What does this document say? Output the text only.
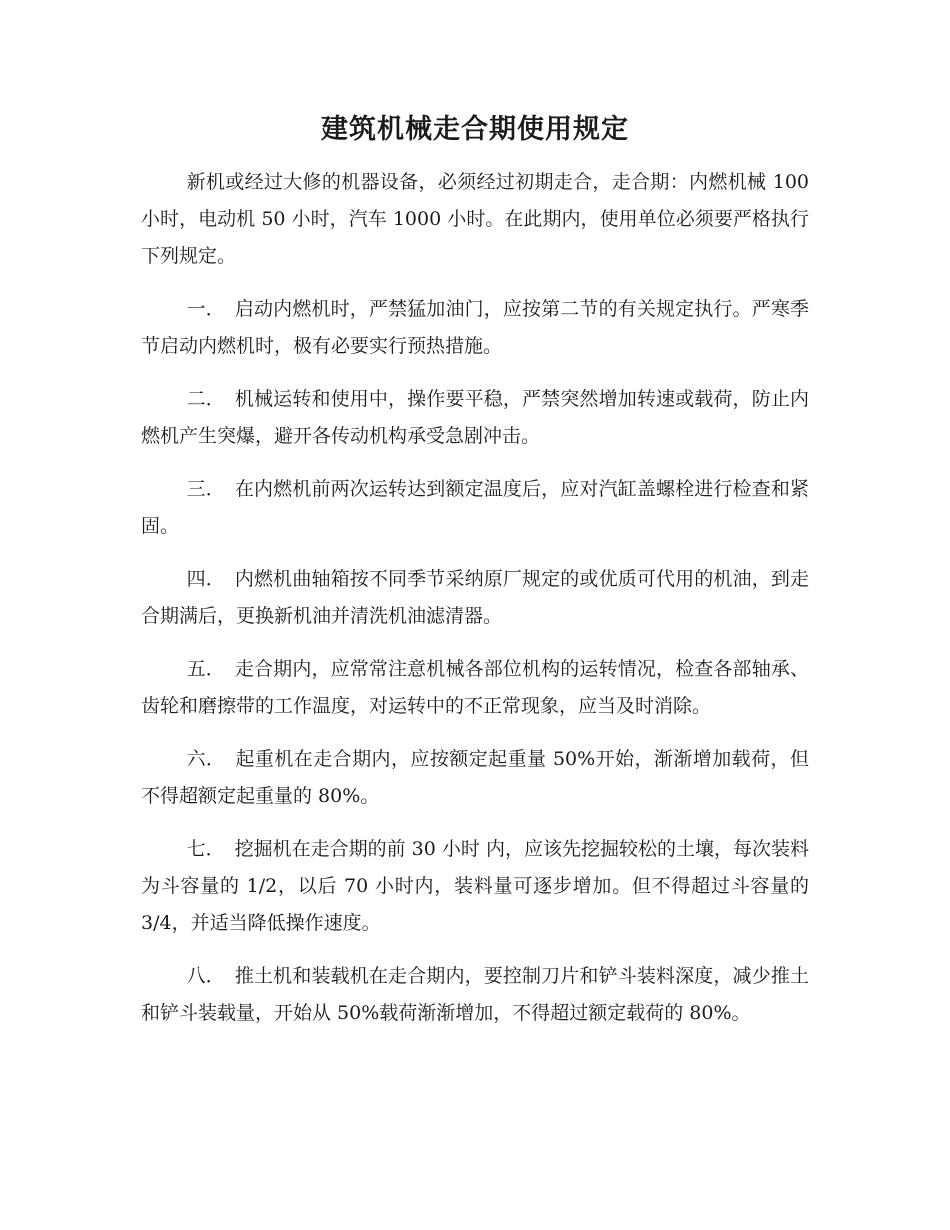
建筑机械走合期使用规定

新机或经过大修的机器设备，必须经过初期走合，走合期：内燃机械 100 小时，电动机 50 小时，汽车 1000 小时。在此期内，使用单位必须要严格执行下列规定。

一． 启动内燃机时，严禁猛加油门，应按第二节的有关规定执行。严寒季节启动内燃机时，极有必要实行预热措施。

二． 机械运转和使用中，操作要平稳，严禁突然增加转速或载荷，防止内燃机产生突爆，避开各传动机构承受急剧冲击。

三． 在内燃机前两次运转达到额定温度后，应对汽缸盖螺栓进行检查和紧固。

四． 内燃机曲轴箱按不同季节采纳原厂规定的或优质可代用的机油，到走合期满后，更换新机油并清洗机油滤清器。

五． 走合期内，应常常注意机械各部位机构的运转情况，检查各部轴承、齿轮和磨擦带的工作温度，对运转中的不正常现象，应当及时消除。

六． 起重机在走合期内，应按额定起重量 50%开始，渐渐增加载荷，但不得超额定起重量的 80%。

七． 挖掘机在走合期的前 30 小时 内，应该先挖掘较松的土壤，每次装料为斗容量的 1/2，以后 70 小时内，装料量可逐步增加。但不得超过斗容量的 3/4，并适当降低操作速度。

八． 推土机和装载机在走合期内，要控制刀片和铲斗装料深度，减少推土和铲斗装载量，开始从 50%载荷渐渐增加，不得超过额定载荷的 80%。
